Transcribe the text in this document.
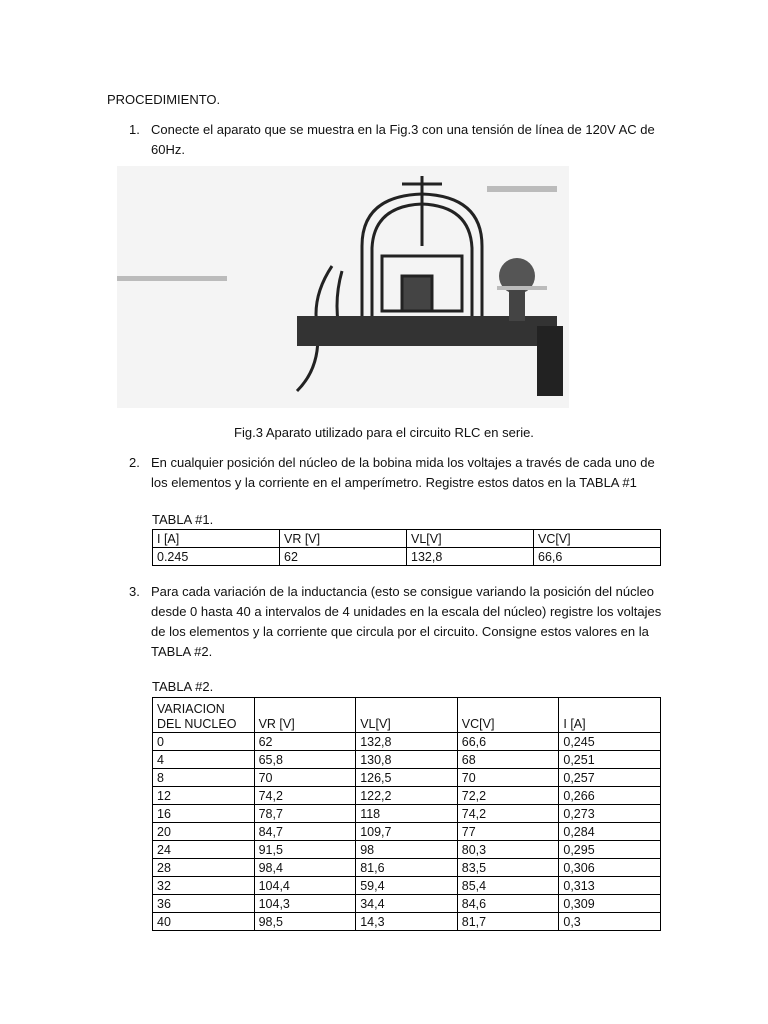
PROCEDIMIENTO.
1. Conecte el aparato que se muestra en la Fig.3 con una tensión de línea de 120V AC de 60Hz.
Fig.3 Aparato utilizado para el circuito RLC en serie.
2. En cualquier posición del núcleo de la bobina mida los voltajes a través de cada uno de los elementos y la corriente en el amperímetro. Registre estos datos en la TABLA #1
TABLA #1.
I [A]	VR [V]	VL[V]	VC[V]
0.245	62	132,8	66,6
3. Para cada variación de la inductancia (esto se consigue variando la posición del núcleo desde 0 hasta 40 a intervalos de 4 unidades en la escala del núcleo) registre los voltajes de los elementos y la corriente que circula por el circuito. Consigne estos valores en la TABLA #2.
TABLA #2.
VARIACION DEL NUCLEO	VR [V]	VL[V]	VC[V]	I [A]
0	62	132,8	66,6	0,245
4	65,8	130,8	68	0,251
8	70	126,5	70	0,257
12	74,2	122,2	72,2	0,266
16	78,7	118	74,2	0,273
20	84,7	109,7	77	0,284
24	91,5	98	80,3	0,295
28	98,4	81,6	83,5	0,306
32	104,4	59,4	85,4	0,313
36	104,3	34,4	84,6	0,309
40	98,5	14,3	81,7	0,3
